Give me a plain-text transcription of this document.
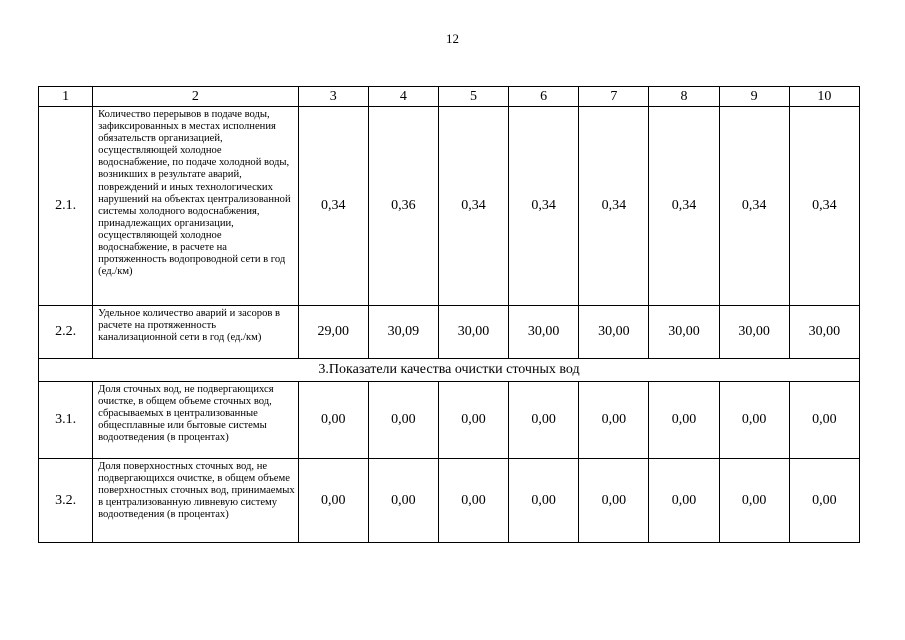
12
1	2	3	4	5	6	7	8	9	10
2.1.	Количество перерывов в подаче воды, зафиксированных в местах исполнения обязательств организацией, осуществляющей холодное водоснабжение, по подаче холодной воды, возникших в результате аварий, повреждений и иных технологических нарушений на объектах централизованной системы холодного водоснабжения, принадлежащих организации, осуществляющей холодное водоснабжение, в расчете на протяженность водопроводной сети в год (ед./км)	0,34	0,36	0,34	0,34	0,34	0,34	0,34	0,34
2.2.	Удельное количество аварий и засоров в расчете на протяженность канализационной сети в год (ед./км)	29,00	30,09	30,00	30,00	30,00	30,00	30,00	30,00
3.Показатели качества очистки сточных вод									
3.1.	Доля сточных вод, не подвергающихся очистке, в общем объеме сточных вод, сбрасываемых в централизованные общесплавные или бытовые системы водоотведения (в процентах)	0,00	0,00	0,00	0,00	0,00	0,00	0,00	0,00
3.2.	Доля поверхностных сточных вод, не подвергающихся очистке, в общем объеме поверхностных сточных вод, принимаемых в централизованную ливневую систему водоотведения (в процентах)	0,00	0,00	0,00	0,00	0,00	0,00	0,00	0,00
